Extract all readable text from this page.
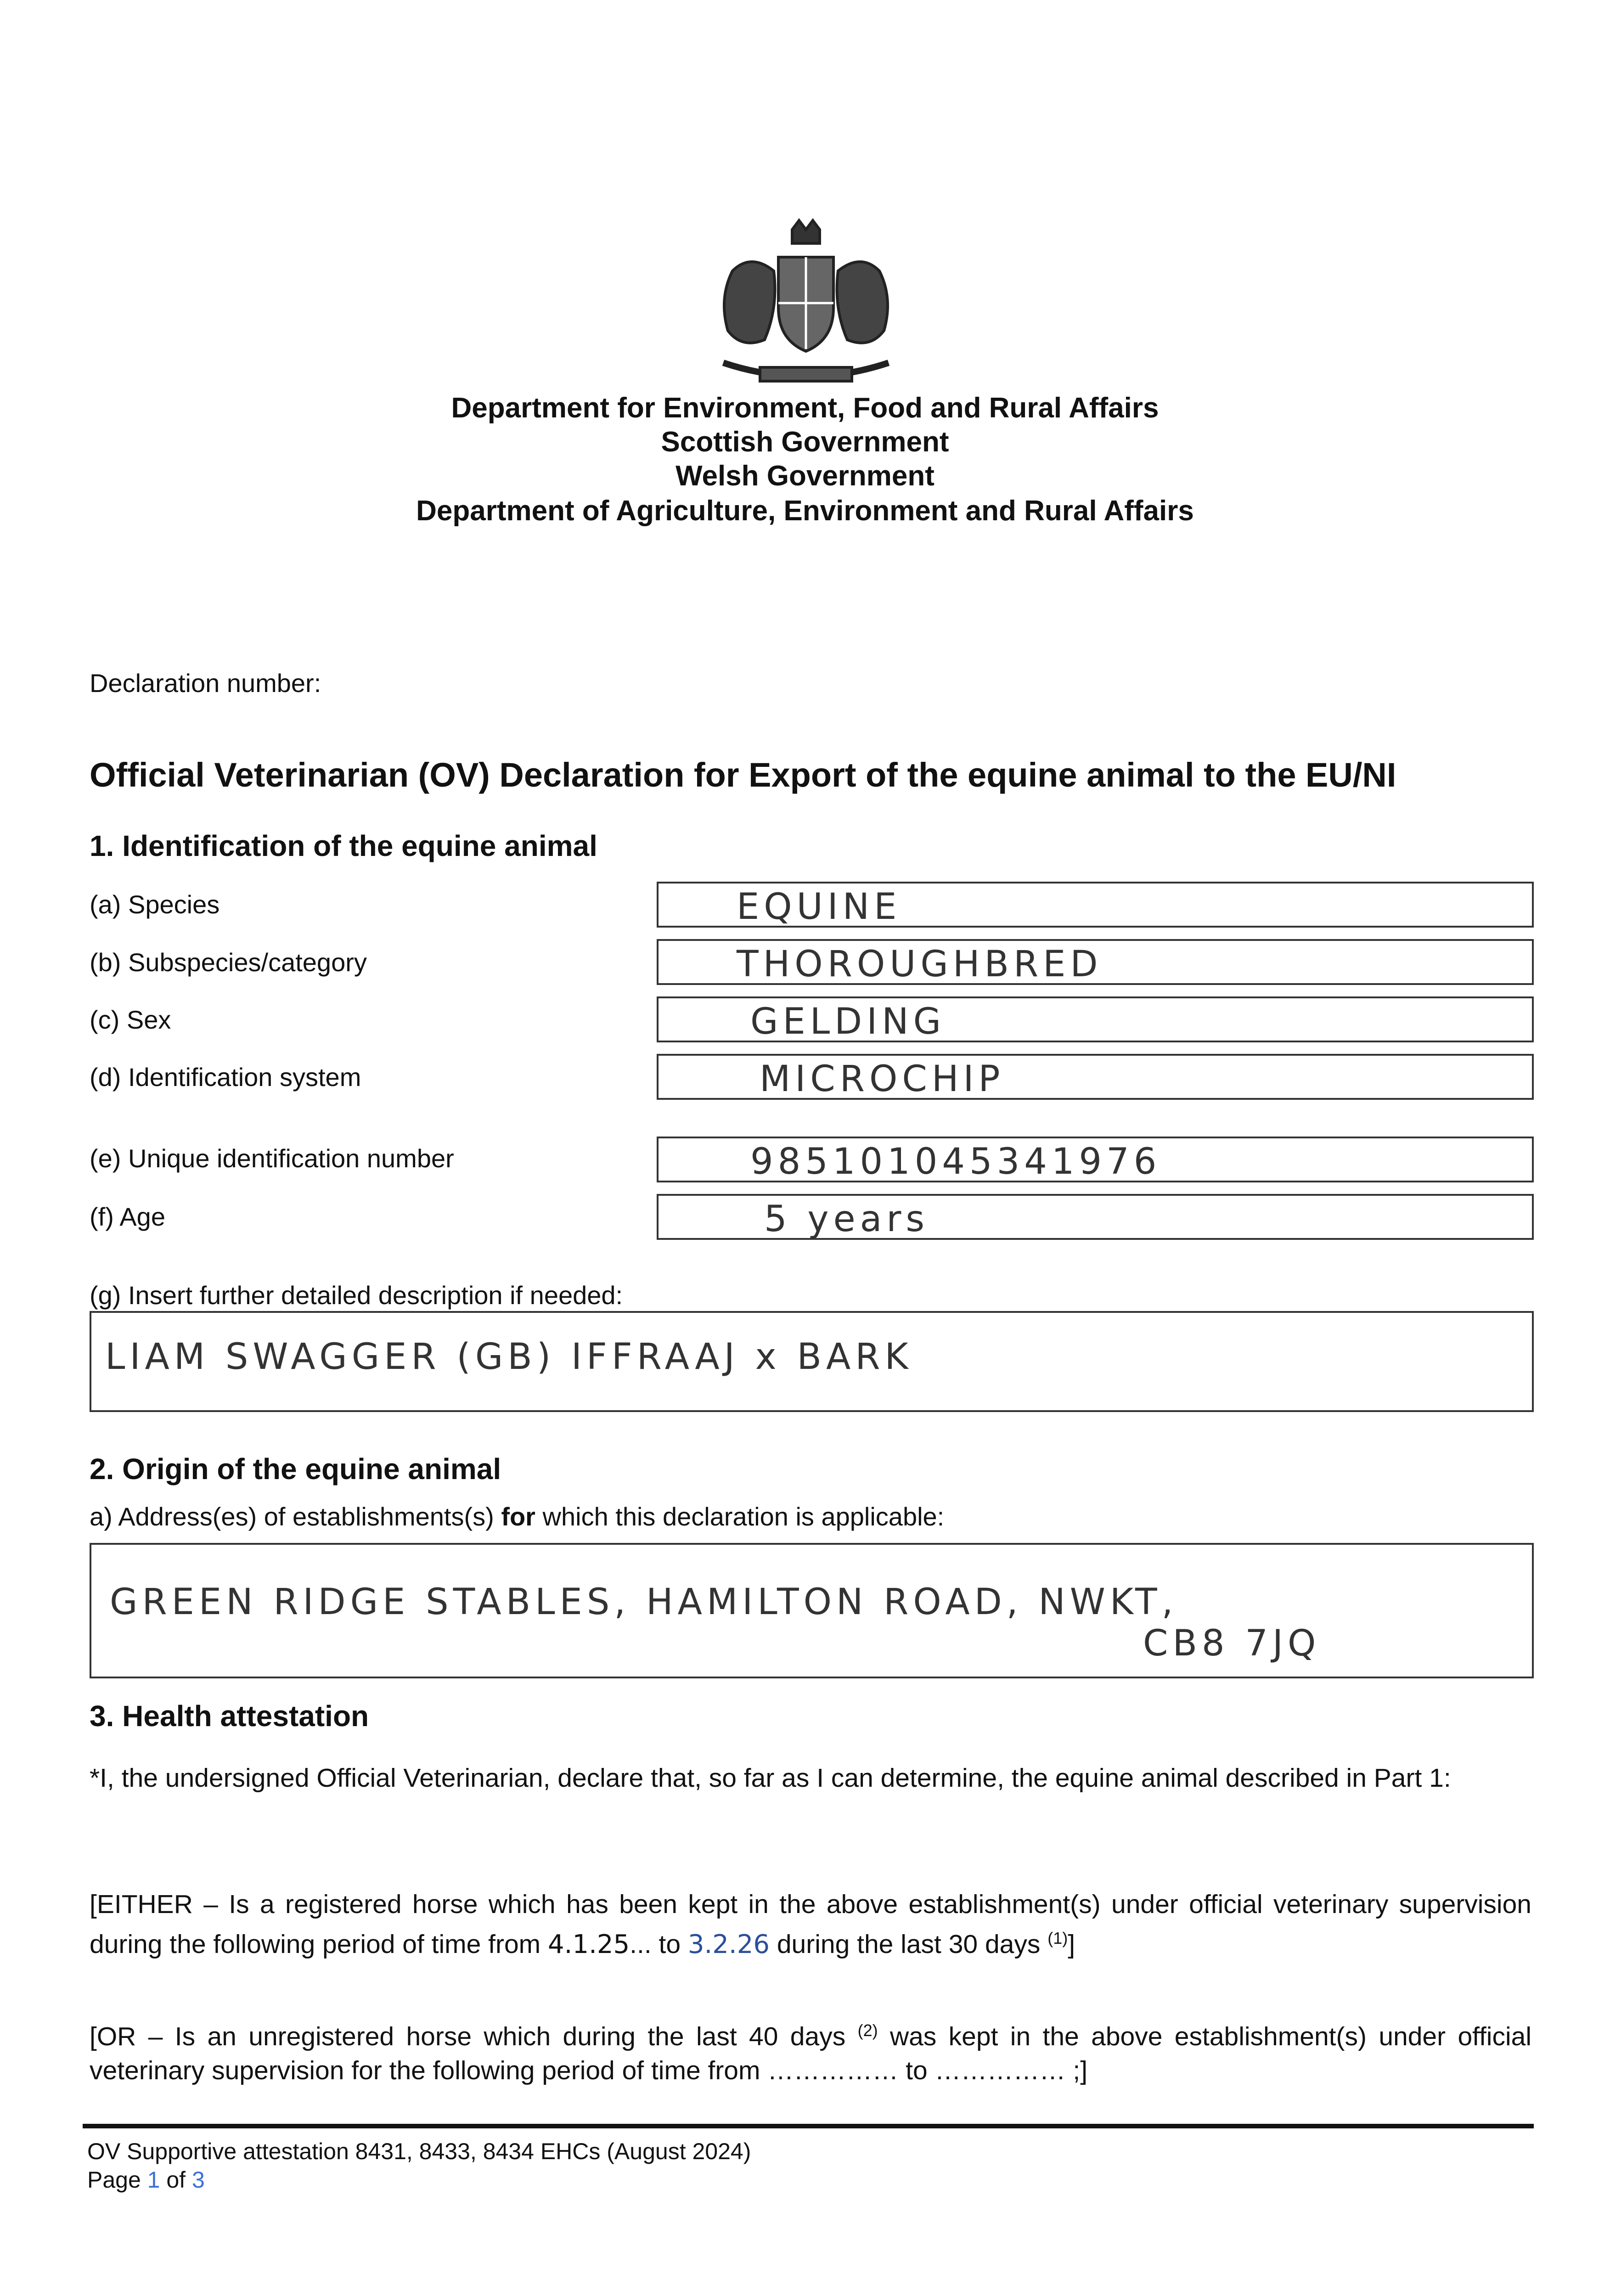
Department for Environment, Food and Rural Affairs
Scottish Government
Welsh Government
Department of Agriculture, Environment and Rural Affairs
Declaration number:
Official Veterinarian (OV) Declaration for Export of the equine animal to the EU/NI
1. Identification of the equine animal
(a) Species	EQUINE
(b) Subspecies/category	THOROUGHBRED
(c) Sex	GELDING
(d) Identification system	MICROCHIP
(e) Unique identification number	985101045341976
(f) Age	5 years
(g) Insert further detailed description if needed:
LIAM SWAGGER (GB) IFFRAAJ x BARK
2. Origin of the equine animal
a) Address(es) of establishments(s) for which this declaration is applicable:
GREEN RIDGE STABLES, HAMILTON ROAD, NWKT,
CB8 7JQ
3. Health attestation
*I, the undersigned Official Veterinarian, declare that, so far as I can determine, the equine animal described in Part 1:
[EITHER – Is a registered horse which has been kept in the above establishment(s) under official veterinary supervision during the following period of time from 4.1.25... to 3.2.26 during the last 30 days $^{(1)}$]
[OR – Is an unregistered horse which during the last 40 days $^{(2)}$ was kept in the above establishment(s) under official veterinary supervision for the following period of time from …………… to …………… ;]
OV Supportive attestation 8431, 8433, 8434 EHCs (August 2024)
Page 1 of 3
